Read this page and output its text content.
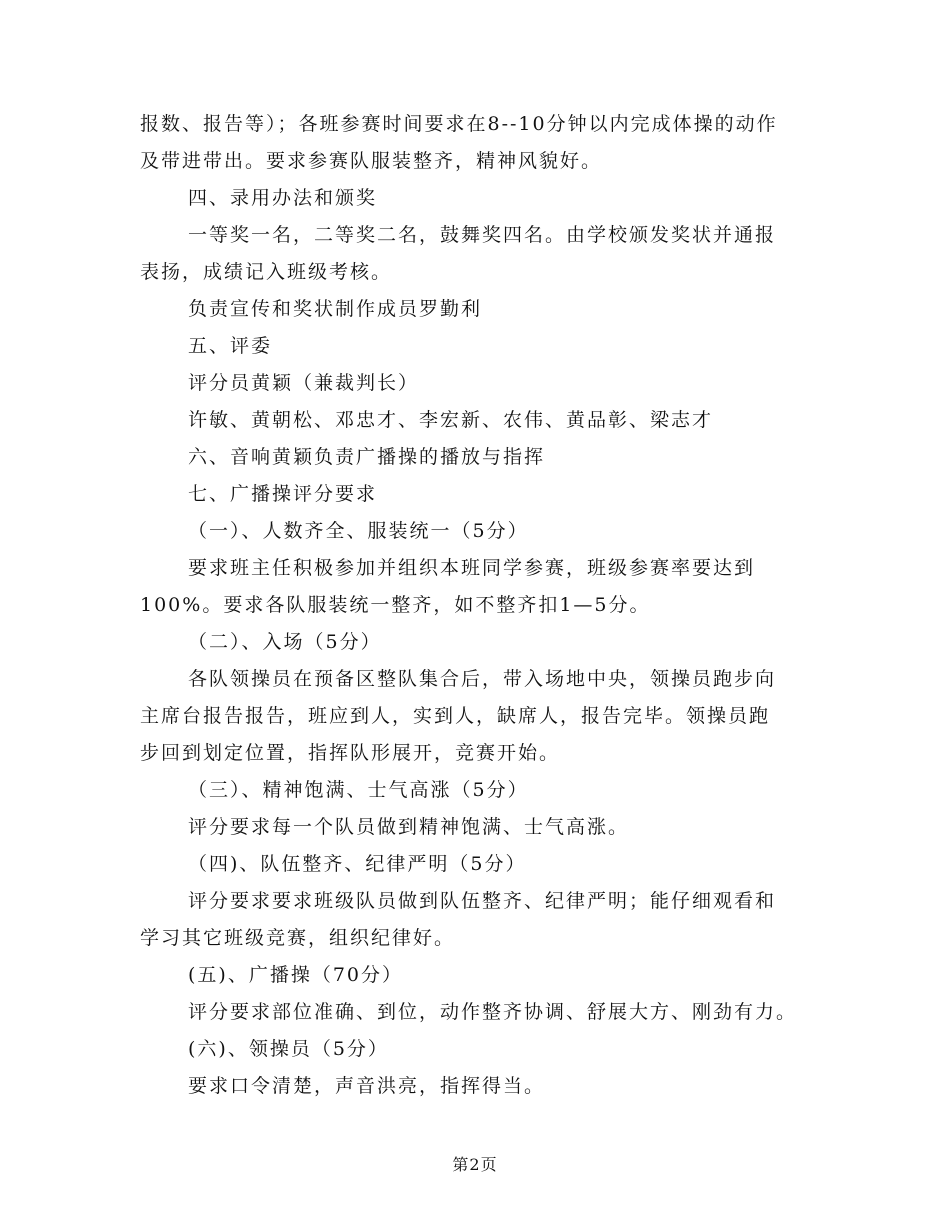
报数、报告等）；各班参赛时间要求在8--10分钟以内完成体操的动作
及带进带出。要求参赛队服装整齐，精神风貌好。
四、录用办法和颁奖
一等奖一名，二等奖二名，鼓舞奖四名。由学校颁发奖状并通报
表扬，成绩记入班级考核。
负责宣传和奖状制作成员罗勤利
五、评委
评分员黄颖（兼裁判长）
许敏、黄朝松、邓忠才、李宏新、农伟、黄品彰、梁志才
六、音响黄颖负责广播操的播放与指挥
七、广播操评分要求
（一）、人数齐全、服装统一（5分）
要求班主任积极参加并组织本班同学参赛，班级参赛率要达到
100%。要求各队服装统一整齐，如不整齐扣1—5分。
（二）、入场（5分）
各队领操员在预备区整队集合后，带入场地中央，领操员跑步向
主席台报告报告，班应到人，实到人，缺席人，报告完毕。领操员跑
步回到划定位置，指挥队形展开，竞赛开始。
（三）、精神饱满、士气高涨（5分）
评分要求每一个队员做到精神饱满、士气高涨。
（四)、队伍整齐、纪律严明（5分）
评分要求要求班级队员做到队伍整齐、纪律严明；能仔细观看和
学习其它班级竞赛，组织纪律好。
(五)、广播操（70分）
评分要求部位准确、到位，动作整齐协调、舒展大方、刚劲有力。
(六)、领操员（5分）
要求口令清楚，声音洪亮，指挥得当。
第2页
